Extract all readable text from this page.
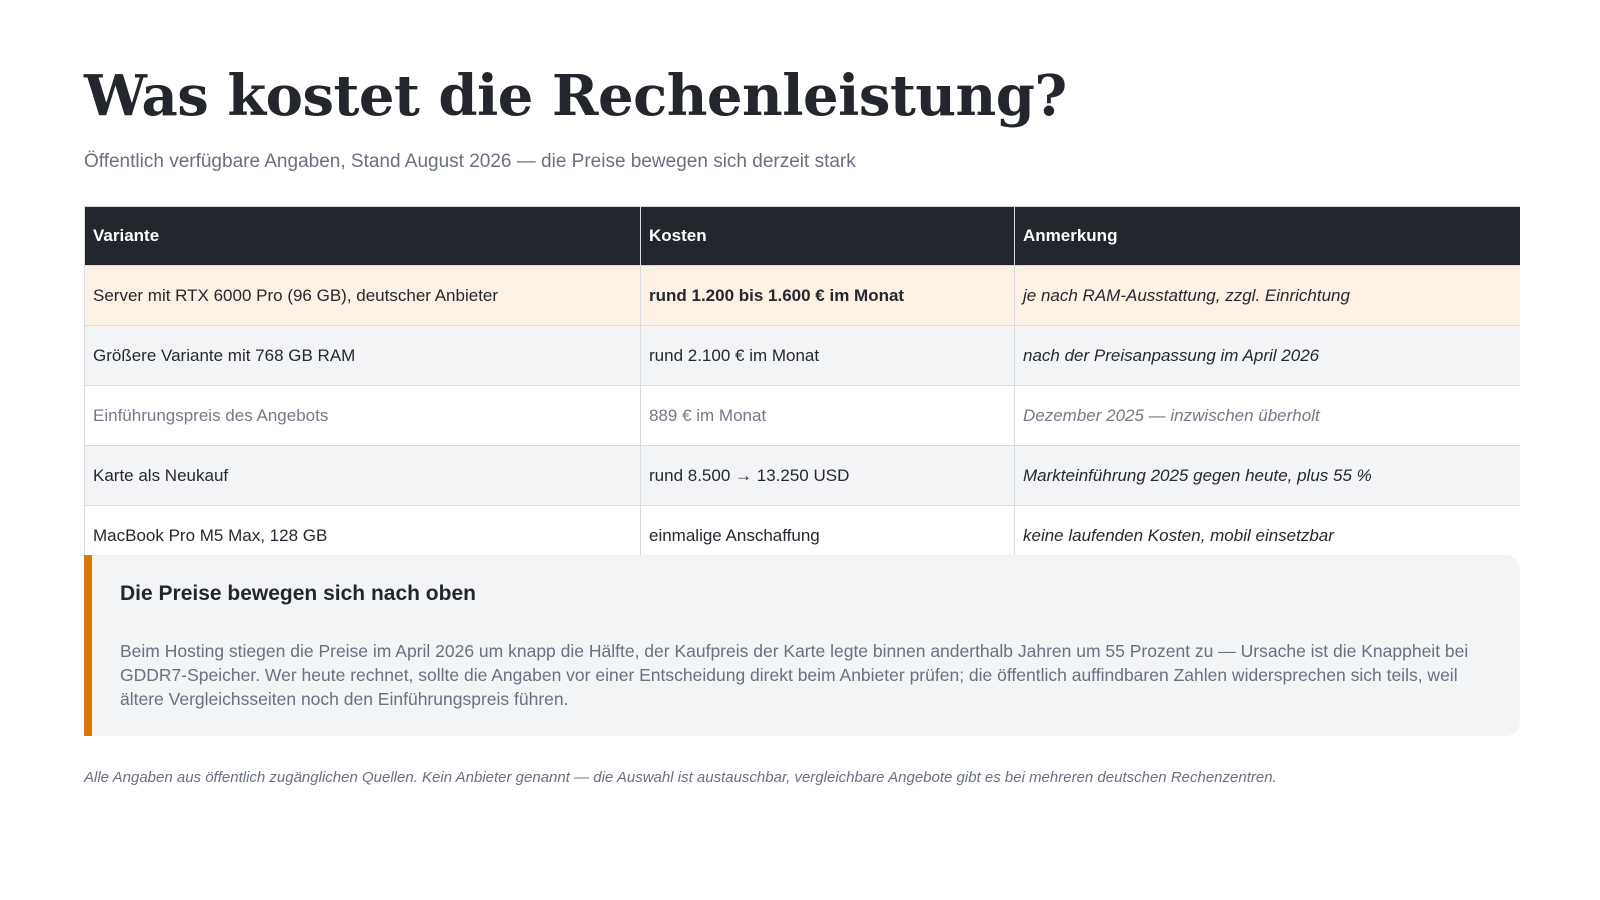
Was kostet die Rechenleistung?
Öffentlich verfügbare Angaben, Stand August 2026 — die Preise bewegen sich derzeit stark
Variante	Kosten	Anmerkung
Server mit RTX 6000 Pro (96 GB), deutscher Anbieter	rund 1.200 bis 1.600 € im Monat	je nach RAM-Ausstattung, zzgl. Einrichtung
Größere Variante mit 768 GB RAM	rund 2.100 € im Monat	nach der Preisanpassung im April 2026
Einführungspreis des Angebots	889 € im Monat	Dezember 2025 — inzwischen überholt
Karte als Neukauf	rund 8.500 → 13.250 USD	Markteinführung 2025 gegen heute, plus 55 %
MacBook Pro M5 Max, 128 GB	einmalige Anschaffung	keine laufenden Kosten, mobil einsetzbar
Die Preise bewegen sich nach oben

Beim Hosting stiegen die Preise im April 2026 um knapp die Hälfte, der Kaufpreis der Karte legte binnen anderthalb Jahren um 55 Prozent zu — Ursache ist die Knappheit bei GDDR7-Speicher. Wer heute rechnet, sollte die Angaben vor einer Entscheidung direkt beim Anbieter prüfen; die öffentlich auffindbaren Zahlen widersprechen sich teils, weil ältere Vergleichsseiten noch den Einführungspreis führen.

Alle Angaben aus öffentlich zugänglichen Quellen. Kein Anbieter genannt — die Auswahl ist austauschbar, vergleichbare Angebote gibt es bei mehreren deutschen Rechenzentren.
